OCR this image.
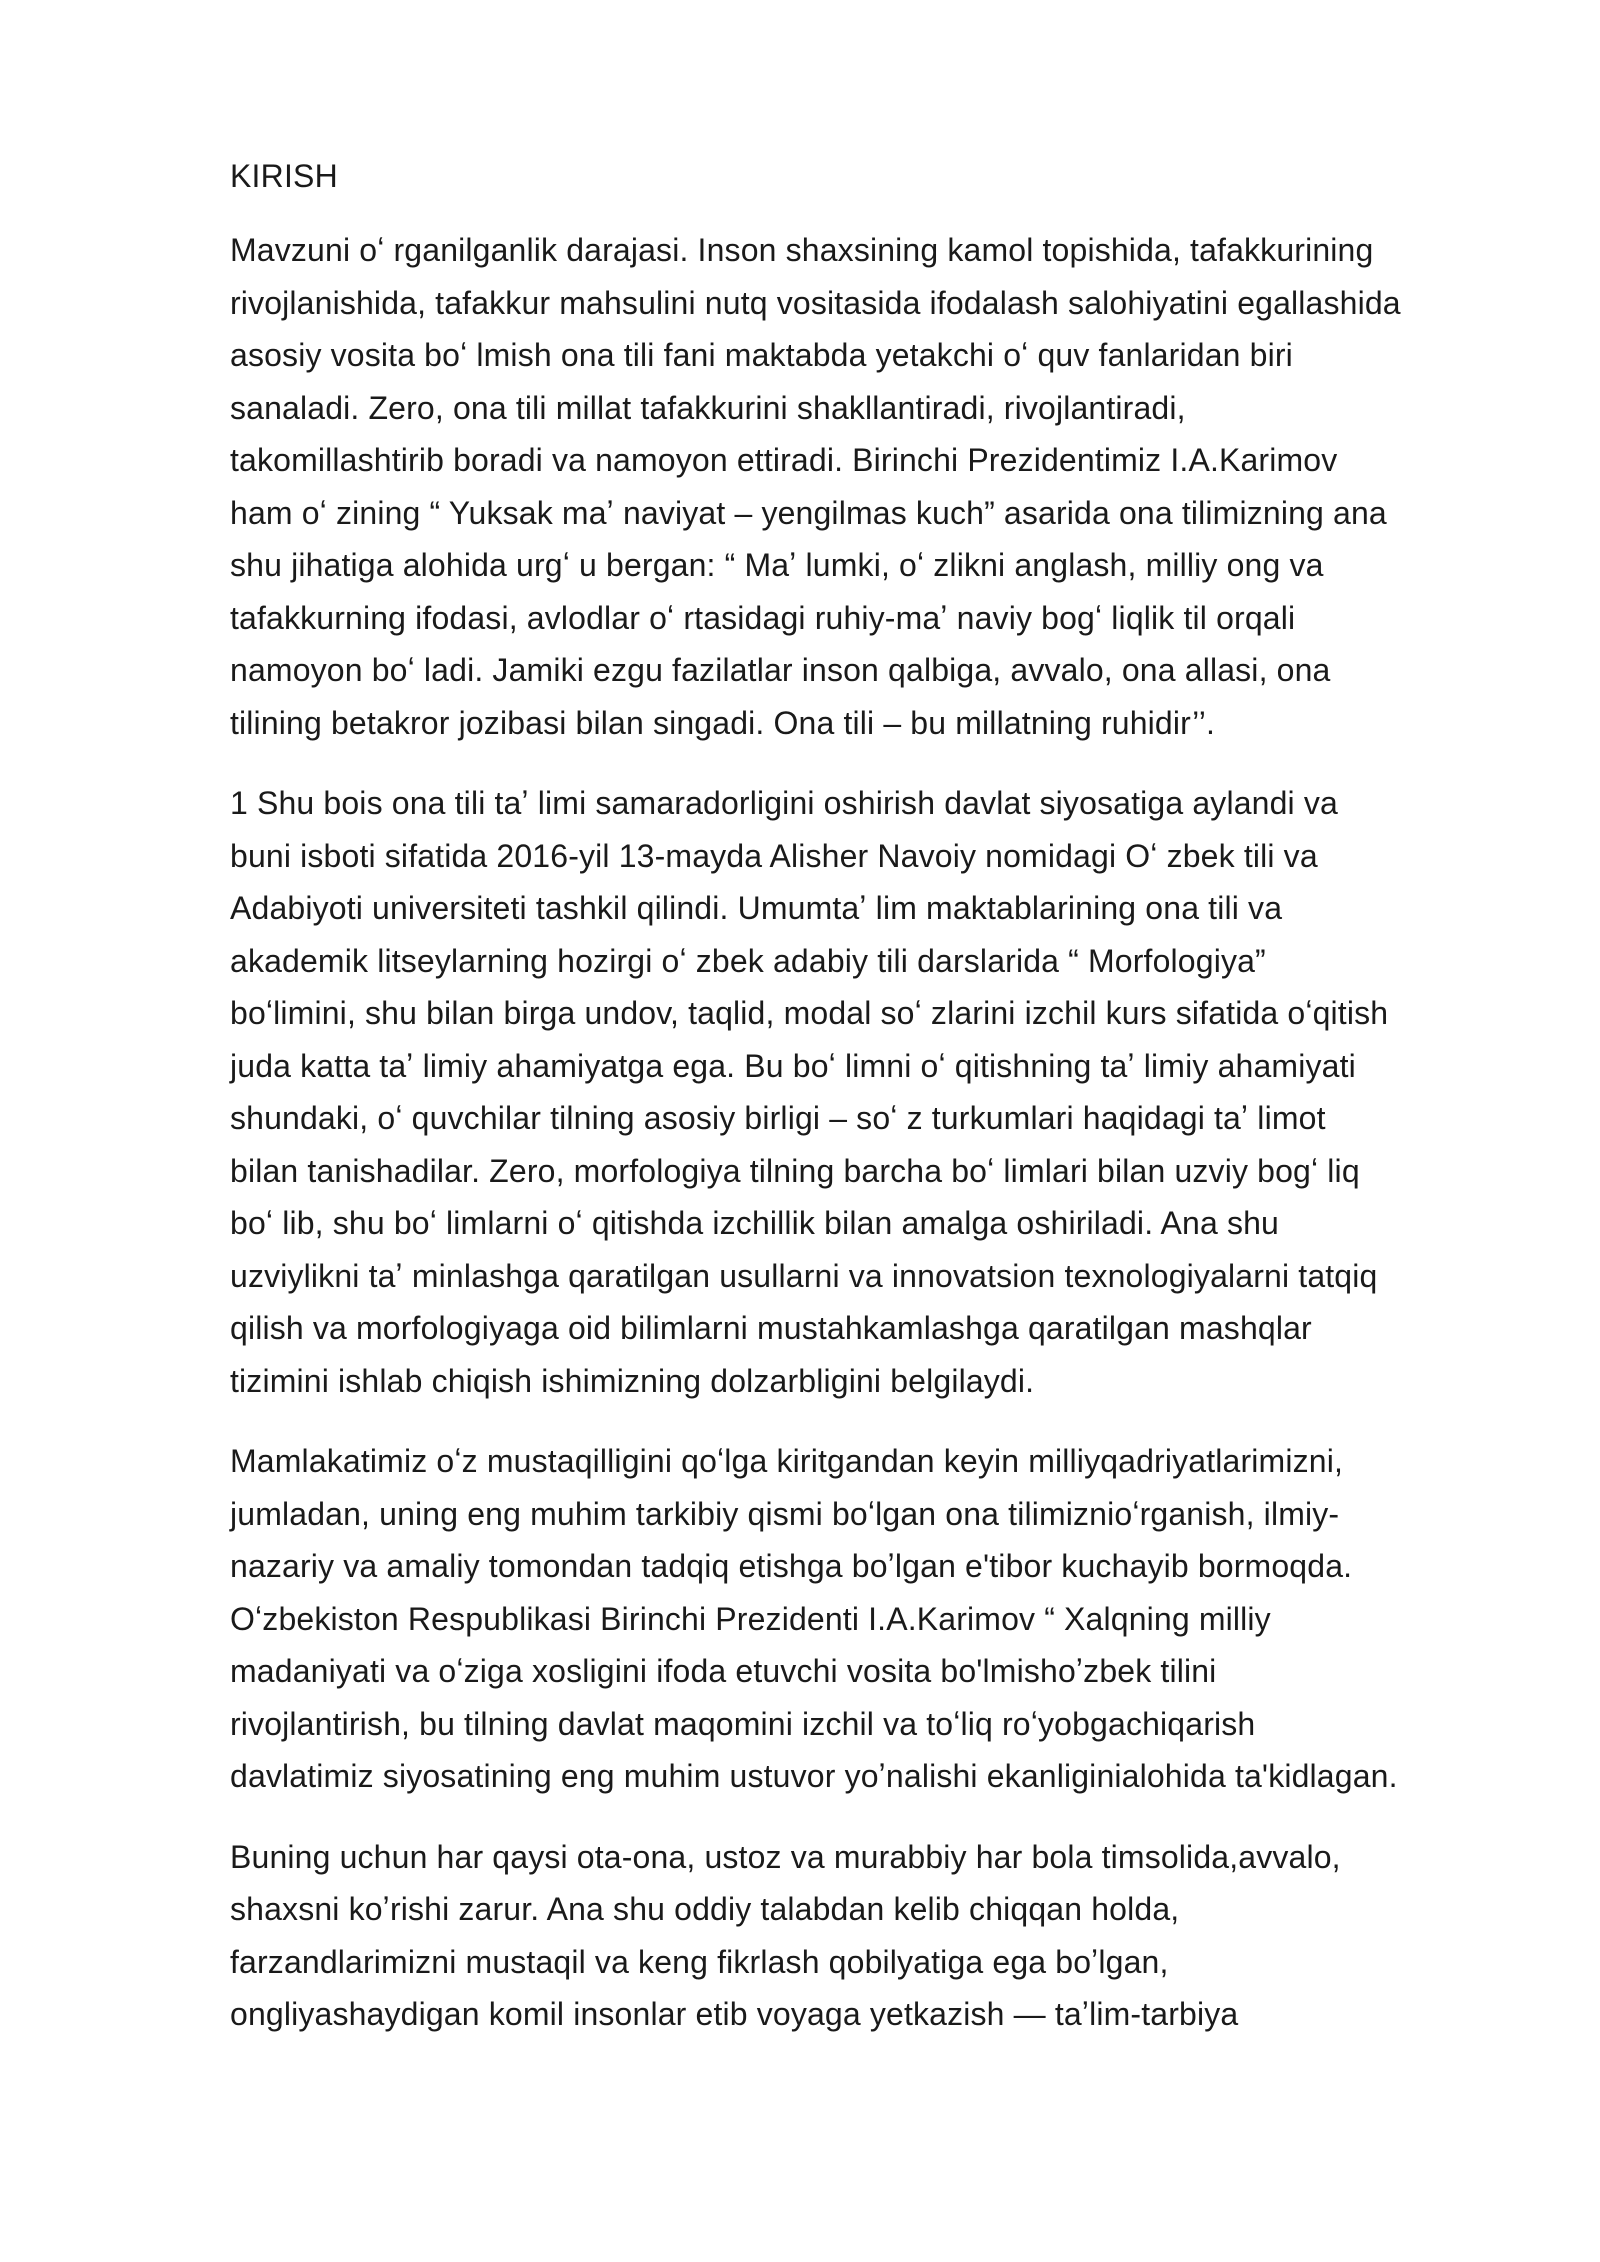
KIRISH
Mavzuni oʻ rganilganlik darajasi. Inson shaxsining kamol topishida, tafakkurining
rivojlanishida, tafakkur mahsulini nutq vositasida ifodalash salohiyatini egallashida
asosiy vosita boʻ lmish ona tili fani maktabda yetakchi oʻ quv fanlaridan biri
sanaladi. Zero, ona tili millat tafakkurini shakllantiradi, rivojlantiradi,
takomillashtirib boradi va namoyon ettiradi. Birinchi Prezidentimiz I.A.Karimov
ham oʻ zining “ Yuksak maʼ naviyat – yengilmas kuch” asarida ona tilimizning ana
shu jihatiga alohida urgʻ u bergan: “ Maʼ lumki, oʻ zlikni anglash, milliy ong va
tafakkurning ifodasi, avlodlar oʻ rtasidagi ruhiy-maʼ naviy bogʻ liqlik til orqali
namoyon boʻ ladi. Jamiki ezgu fazilatlar inson qalbiga, avvalo, ona allasi, ona
tilining betakror jozibasi bilan singadi. Ona tili – bu millatning ruhidir’’.
1 Shu bois ona tili taʼ limi samaradorligini oshirish davlat siyosatiga aylandi va
buni isboti sifatida 2016-yil 13-mayda Alisher Navoiy nomidagi Oʻ zbek tili va
Adabiyoti universiteti tashkil qilindi. Umumtaʼ lim maktablarining ona tili va
akademik litseylarning hozirgi oʻ zbek adabiy tili darslarida “ Morfologiya”
boʻlimini, shu bilan birga undov, taqlid, modal soʻ zlarini izchil kurs sifatida oʻqitish
juda katta taʼ limiy ahamiyatga ega. Bu boʻ limni oʻ qitishning taʼ limiy ahamiyati
shundaki, oʻ quvchilar tilning asosiy birligi – soʻ z turkumlari haqidagi taʼ limot
bilan tanishadilar. Zero, morfologiya tilning barcha boʻ limlari bilan uzviy bogʻ liq
boʻ lib, shu boʻ limlarni oʻ qitishda izchillik bilan amalga oshiriladi. Ana shu
uzviylikni taʼ minlashga qaratilgan usullarni va innovatsion texnologiyalarni tatqiq
qilish va morfologiyaga oid bilimlarni mustahkamlashga qaratilgan mashqlar
tizimini ishlab chiqish ishimizning dolzarbligini belgilaydi.
Mamlakatimiz oʻz mustaqilligini qoʻlga kiritgandan keyin milliyqadriyatlarimizni,
jumladan, uning eng muhim tarkibiy qismi boʻlgan ona tilimizniоʻrganish, ilmiy-
nazariy va amaliy tomondan tadqiq etishga boʼlgan e'tibor kuchayib bormoqda.
Oʻzbekiston Respublikasi Birinchi Prezidenti I.A.Karimov “ Xalqning milliy
madaniyati va oʻziga xosligini ifoda etuvchi vosita bo'lmishoʼzbek tilini
rivojlantirish, bu tilning davlat maqomini izchil va toʻliq roʻyobgachiqarish
davlatimiz siyosatining eng muhim ustuvor yoʼnalishi ekanliginialohida ta'kidlagan.
Buning uchun har qaysi ota-ona, ustoz va murabbiy har bola timsolida,avvalo,
shaxsni koʼrishi zarur. Ana shu oddiy talabdan kelib chiqqan holda,
farzandlarimizni mustaqil va keng fikrlash qobilyatiga ega boʼlgan,
ongliyashaydigan komil insonlar etib voyaga yetkazish — taʼlim-tarbiya
